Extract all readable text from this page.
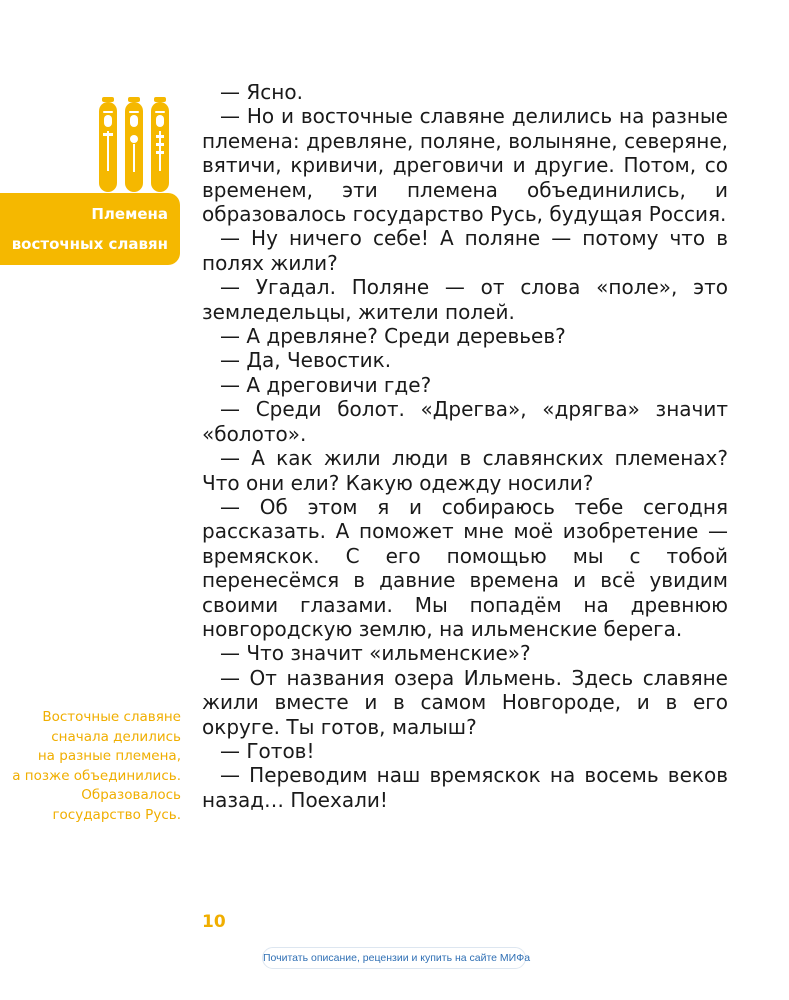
Племена
восточных славян

— Ясно.

— Но и восточные славяне делились на разные племена: древляне, поляне, волыняне, северяне, вятичи, кривичи, дреговичи и другие. Потом, со временем, эти племена объединились, и образовалось государство Русь, будущая Россия.

— Ну ничего себе! А поляне — потому что в полях жили?

— Угадал. Поляне — от слова «поле», это земледельцы, жители полей.

— А древляне? Среди деревьев?

— Да, Чевостик.

— А дреговичи где?

— Среди болот. «Дрегва», «дрягва» значит «болото».

— А как жили люди в славянских племенах? Что они ели? Какую одежду носили?

— Об этом я и собираюсь тебе сегодня рассказать. А поможет мне моё изобретение — времяскок. С его помощью мы с тобой перенесёмся в давние времена и всё увидим своими глазами. Мы попадём на древнюю новгородскую землю, на ильменские берега.

— Что значит «ильменские»?

— От названия озера Ильмень. Здесь славяне жили вместе и в самом Новгороде, и в его округе. Ты готов, малыш?

— Готов!

— Переводим наш времяскок на восемь веков назад… Поехали!

Восточные славяне
сначала делились
на разные племена,
а позже объединились.
Образовалось
государство Русь.
10
Почитать описание, рецензии и купить на сайте МИФа
